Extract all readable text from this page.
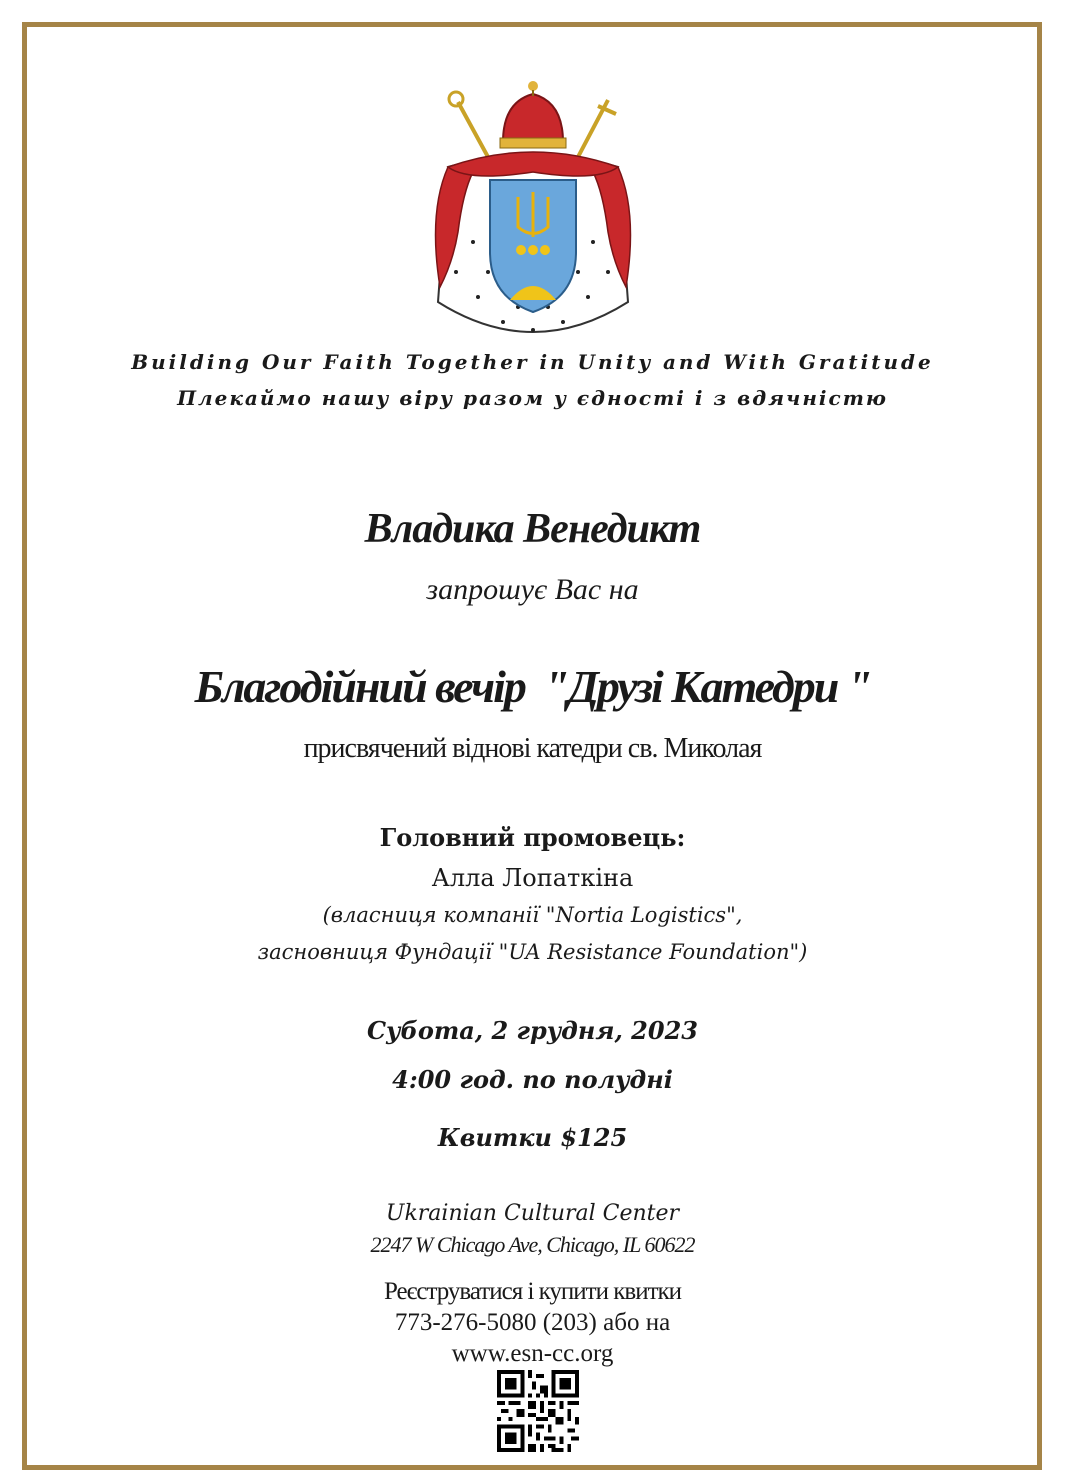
Building Our Faith Together in Unity and With Gratitude
Плекаймо нашу віру разом у єдності і з вдячністю
Владика Венедикт
запрошує Вас на
Благодійний вечір  "Друзі Катедри "
присвячений віднові катедри св. Миколая
Головний промовець:
Алла Лопаткіна
(власниця компанії "Nortia Logistics",
засновниця Фундації "UA Resistance Foundation")
Субота, 2 грудня, 2023
4:00 год. по полудні
Квитки $125
Ukrainian Cultural Center
2247 W Chicago Ave, Chicago, IL 60622
Реєструватися і купити квитки
773-276-5080 (203) або на
www.esn-cc.org
